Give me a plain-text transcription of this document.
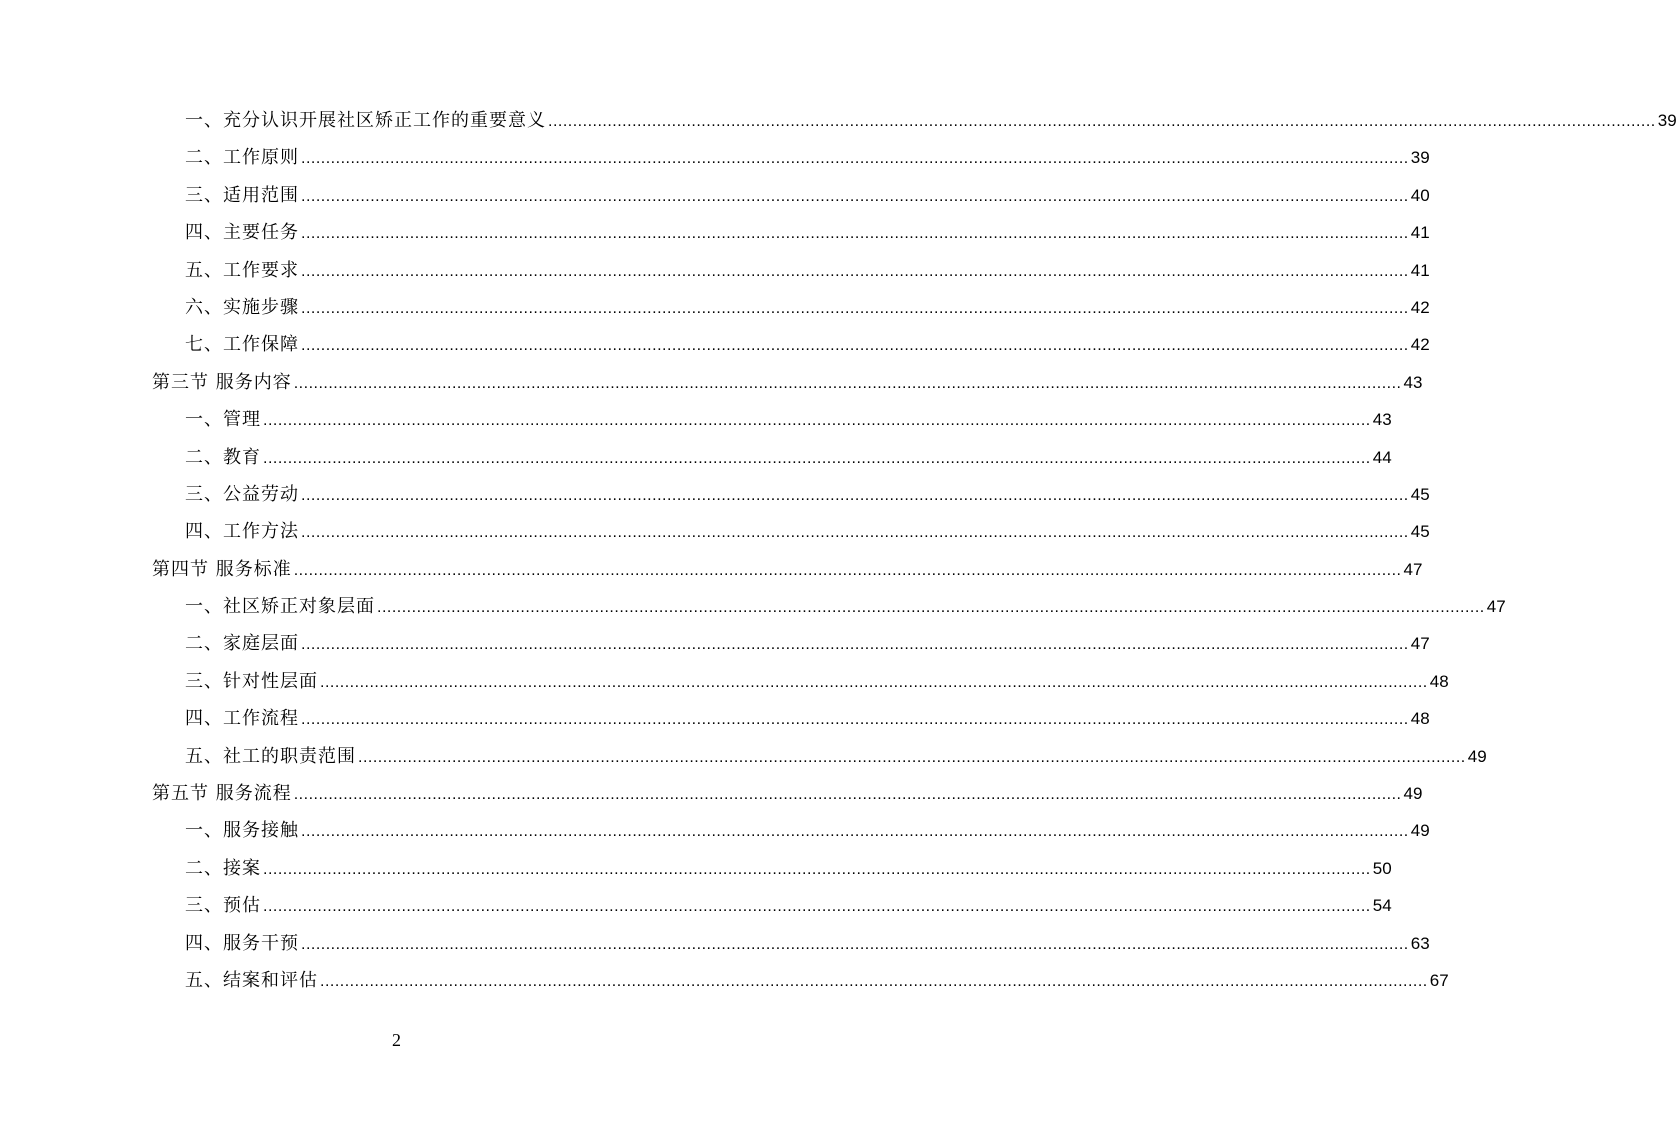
一、充分认识开展社区矫正工作的重要意义 ................................................................................................................................................................................................................................ 39
二、工作原则 ................................................................................................................................................................................................................................ 39
三、适用范围 ................................................................................................................................................................................................................................ 40
四、主要任务 ................................................................................................................................................................................................................................ 41
五、工作要求 ................................................................................................................................................................................................................................ 41
六、实施步骤 ................................................................................................................................................................................................................................ 42
七、工作保障 ................................................................................................................................................................................................................................ 42
第三节 服务内容 ................................................................................................................................................................................................................................ 43
一、管理 ................................................................................................................................................................................................................................ 43
二、教育 ................................................................................................................................................................................................................................ 44
三、公益劳动 ................................................................................................................................................................................................................................ 45
四、工作方法 ................................................................................................................................................................................................................................ 45
第四节 服务标准 ................................................................................................................................................................................................................................ 47
一、社区矫正对象层面 ................................................................................................................................................................................................................................ 47
二、家庭层面 ................................................................................................................................................................................................................................ 47
三、针对性层面 ................................................................................................................................................................................................................................ 48
四、工作流程 ................................................................................................................................................................................................................................ 48
五、社工的职责范围 ................................................................................................................................................................................................................................ 49
第五节 服务流程 ................................................................................................................................................................................................................................ 49
一、服务接触 ................................................................................................................................................................................................................................ 49
二、接案 ................................................................................................................................................................................................................................ 50
三、预估 ................................................................................................................................................................................................................................ 54
四、服务干预 ................................................................................................................................................................................................................................ 63
五、结案和评估 ................................................................................................................................................................................................................................ 67
2
